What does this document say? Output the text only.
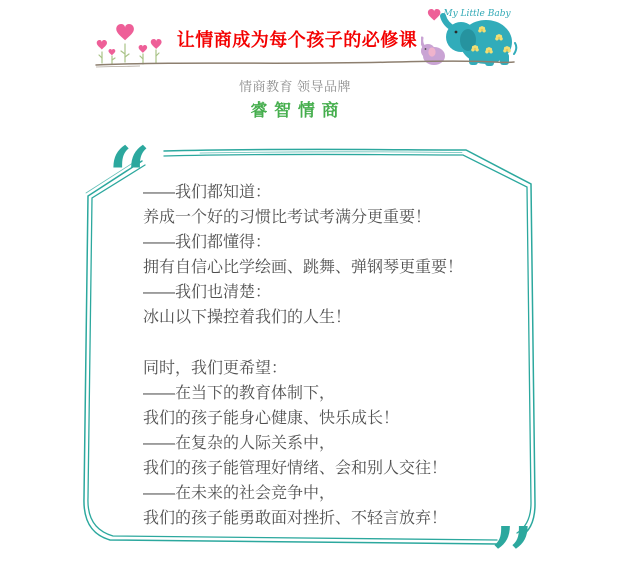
让情商成为每个孩子的必修课
My Little Baby
情商教育 领导品牌
睿 智 情 商
“
”
——我们都知道：
养成一个好的习惯比考试考满分更重要！
——我们都懂得：
拥有自信心比学绘画、跳舞、弹钢琴更重要！
——我们也清楚：
冰山以下操控着我们的人生！
同时，我们更希望：
——在当下的教育体制下，
我们的孩子能身心健康、快乐成长！
——在复杂的人际关系中，
我们的孩子能管理好情绪、会和别人交往！
——在未来的社会竞争中，
我们的孩子能勇敢面对挫折、不轻言放弃！
